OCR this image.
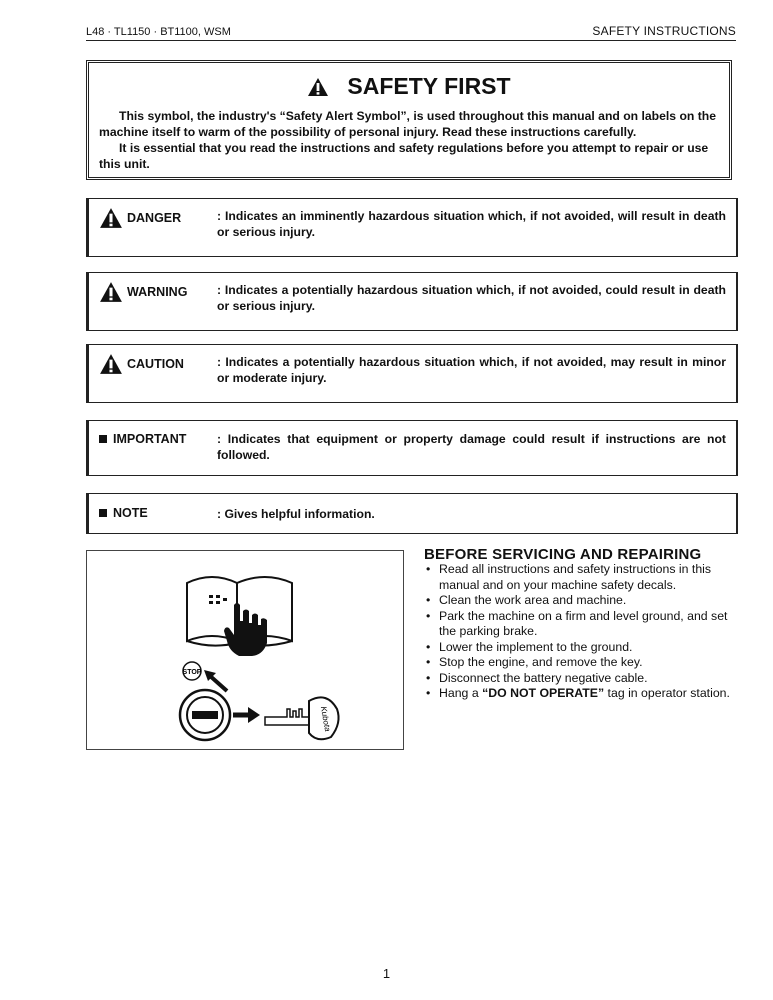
L48 · TL1150 · BT1100, WSM	SAFETY INSTRUCTIONS
SAFETY FIRST
This symbol, the industry's “Safety Alert Symbol”, is used throughout this manual and on labels on the machine itself to warm of the possibility of personal injury. Read these instructions carefully.
It is essential that you read the instructions and safety regulations before you attempt to repair or use this unit.
DANGER	: Indicates an imminently hazardous situation which, if not avoided, will result in death or serious injury.
WARNING : Indicates a potentially hazardous situation which, if not avoided, could result in death or serious injury.
CAUTION	: Indicates a potentially hazardous situation which, if not avoided, may result in minor or moderate injury.
IMPORTANT	: Indicates that equipment or property damage could result if instructions are not followed.
NOTE	: Gives helpful information.
STOP
Kubota
BEFORE SERVICING AND REPAIRING
• Read all instructions and safety instructions in this manual and on your machine safety decals.
• Clean the work area and machine.
• Park the machine on a firm and level ground, and set the parking brake.
• Lower the implement to the ground.
• Stop the engine, and remove the key.
• Disconnect the battery negative cable.
• Hang a “DO NOT OPERATE” tag in operator station.
1
